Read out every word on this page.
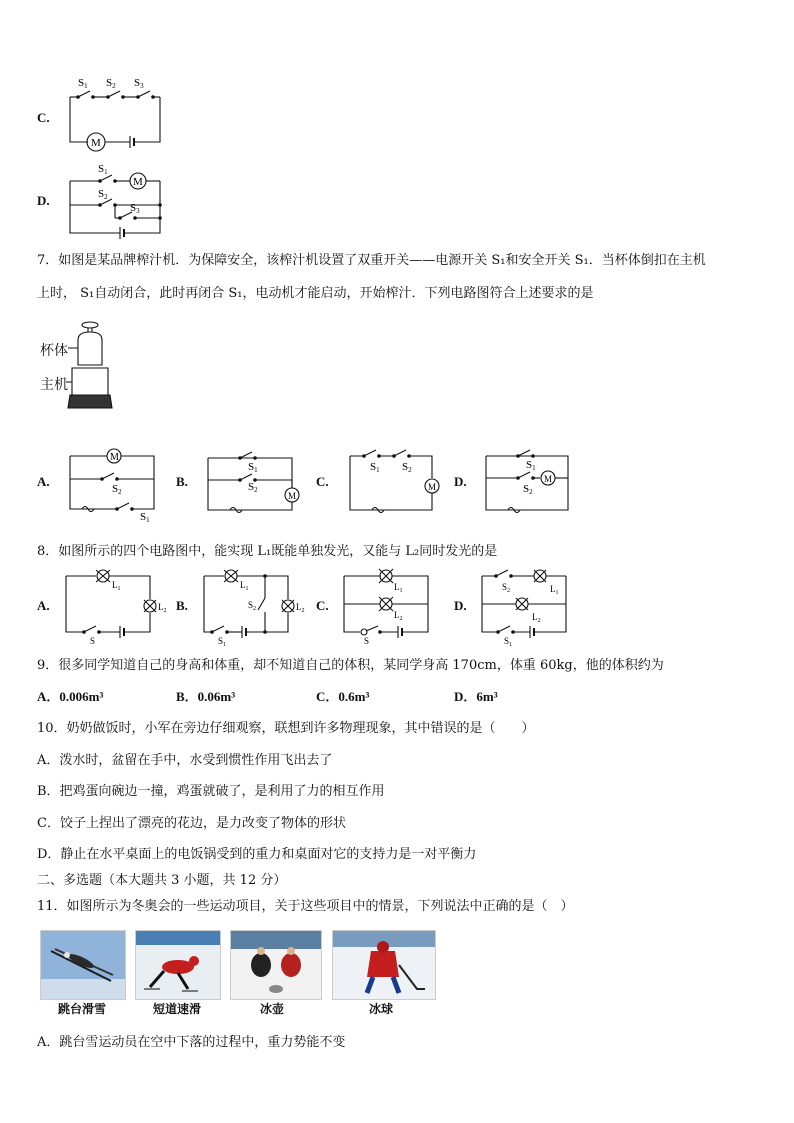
C.
S1 S2 S3
M
D.
S1
S2
S3
M
7．如图是某品牌榨汁机．为保障安全，该榨汁机设置了双重开关——电源开关 S₁和安全开关 S₁．当杯体倒扣在主机
上时， S₁自动闭合，此时再闭合 S₁，电动机才能启动，开始榨汁．下列电路图符合上述要求的是
杯体
主机
A.
M
S2
S1
B.
S1
S2
M
C.
S1 S2
M D.
S1
S2
M
8．如图所示的四个电路图中，能实现 L₁既能单独发光，又能与 L₂同时发光的是
A.
$L_1$
$L_2$
S
B.
$L_1$
$L_2$
$S_2$
$S_1$
C.
$L_1$
$L_2$
S
D.
$S_2$	$L_1$
$L_2$
$S_1$
9．很多同学知道自己的身高和体重，却不知道自己的体积，某同学身高 170cm，体重 60kg，他的体积约为
A．0.006m³	B．0.06m³	C．0.6m³	D．6m³
10．奶奶做饭时，小军在旁边仔细观察，联想到许多物理现象，其中错误的是（　　）
A．泼水时，盆留在手中，水受到惯性作用飞出去了
B．把鸡蛋向碗边一撞，鸡蛋就破了，是利用了力的相互作用
C．饺子上捏出了漂亮的花边，是力改变了物体的形状
D．静止在水平桌面上的电饭锅受到的重力和桌面对它的支持力是一对平衡力
二、多选题（本大题共 3 小题，共 12 分）
11．如图所示为冬奥会的一些运动项目，关于这些项目中的情景，下列说法中正确的是（　）
跳台滑雪	短道速滑	冰壶	冰球
A．跳台雪运动员在空中下落的过程中，重力势能不变
